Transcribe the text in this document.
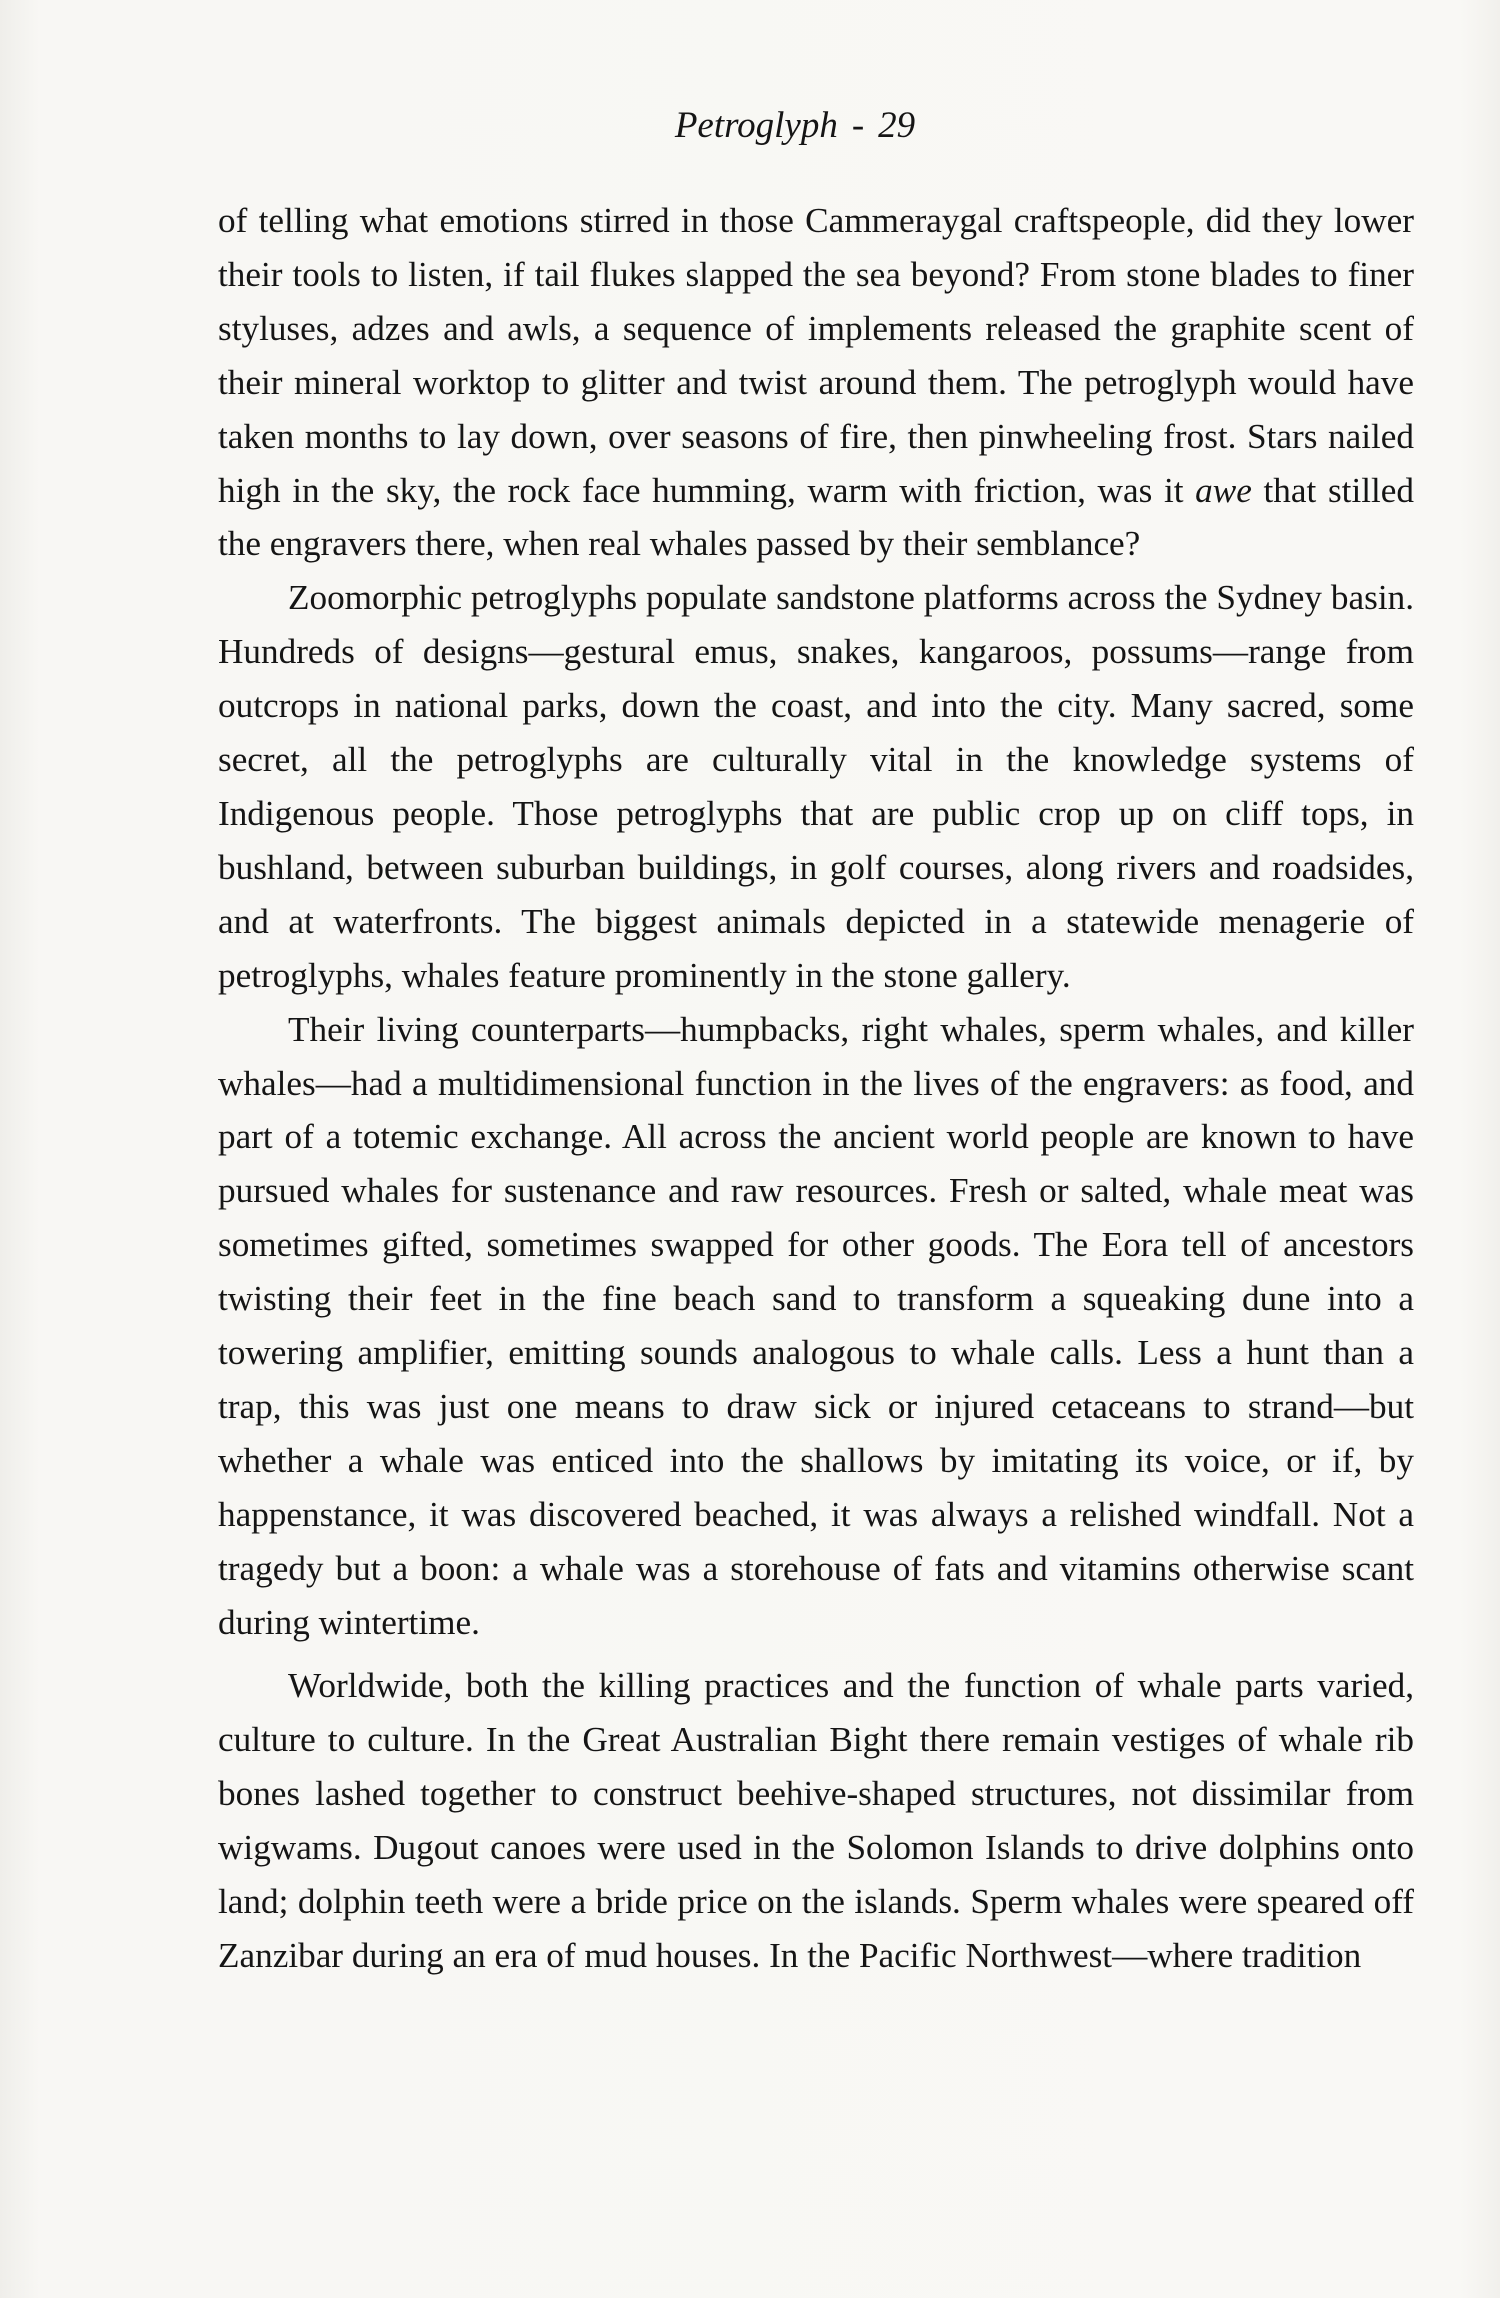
Petroglyph - 29

of telling what emotions stirred in those Cammeraygal craftspeople, did they lower their tools to listen, if tail flukes slapped the sea beyond? From stone blades to finer styluses, adzes and awls, a sequence of implements released the graphite scent of their mineral worktop to glitter and twist around them. The petroglyph would have taken months to lay down, over seasons of fire, then pinwheeling frost. Stars nailed high in the sky, the rock face humming, warm with friction, was it awe that stilled the engravers there, when real whales passed by their semblance?

Zoomorphic petroglyphs populate sandstone platforms across the Sydney basin. Hundreds of designs—gestural emus, snakes, kangaroos, possums—range from outcrops in national parks, down the coast, and into the city. Many sacred, some secret, all the petroglyphs are culturally vital in the knowledge systems of Indigenous people. Those petroglyphs that are public crop up on cliff tops, in bushland, between suburban buildings, in golf courses, along rivers and roadsides, and at waterfronts. The biggest animals depicted in a statewide menagerie of petroglyphs, whales feature prominently in the stone gallery.

Their living counterparts—humpbacks, right whales, sperm whales, and killer whales—had a multidimensional function in the lives of the engravers: as food, and part of a totemic exchange. All across the ancient world people are known to have pursued whales for sustenance and raw resources. Fresh or salted, whale meat was sometimes gifted, sometimes swapped for other goods. The Eora tell of ancestors twisting their feet in the fine beach sand to transform a squeaking dune into a towering amplifier, emitting sounds analogous to whale calls. Less a hunt than a trap, this was just one means to draw sick or injured cetaceans to strand—but whether a whale was enticed into the shallows by imitating its voice, or if, by happenstance, it was discovered beached, it was always a relished windfall. Not a tragedy but a boon: a whale was a storehouse of fats and vitamins otherwise scant during wintertime.

Worldwide, both the killing practices and the function of whale parts varied, culture to culture. In the Great Australian Bight there remain vestiges of whale rib bones lashed together to construct beehive-shaped structures, not dissimilar from wigwams. Dugout canoes were used in the Solomon Islands to drive dolphins onto land; dolphin teeth were a bride price on the islands. Sperm whales were speared off Zanzibar during an era of mud houses. In the Pacific Northwest—where tradition
